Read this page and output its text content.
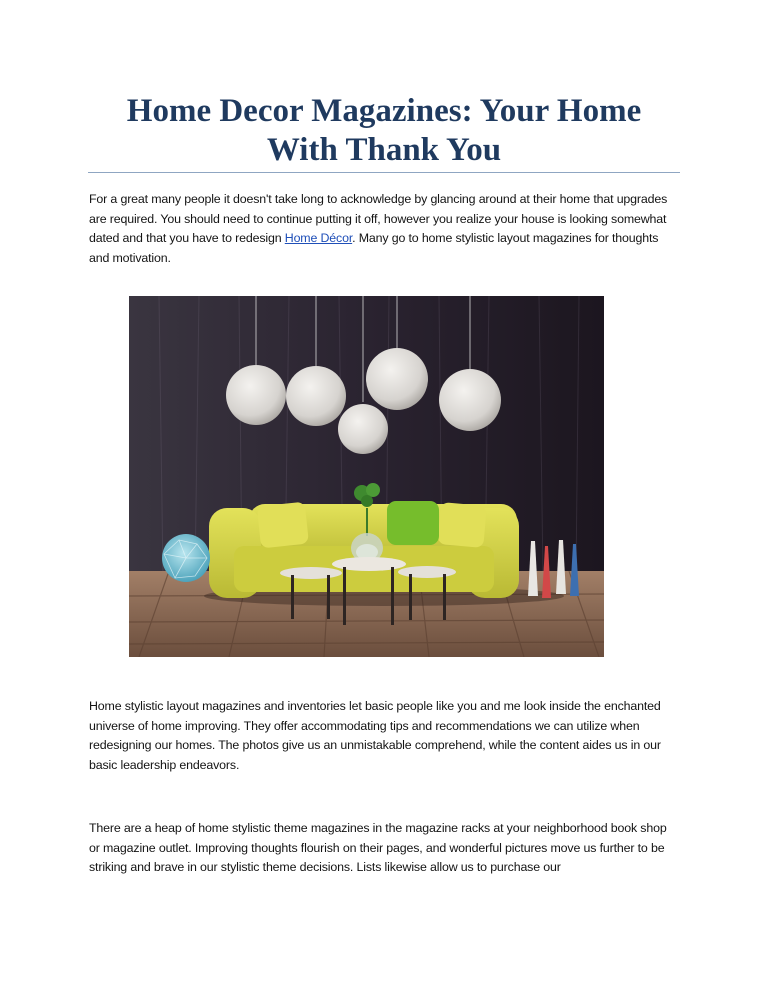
Home Decor Magazines: Your Home
With Thank You

For a great many people it doesn't take long to acknowledge by glancing around at their home that upgrades are required. You should need to continue putting it off, however you realize your house is looking somewhat dated and that you have to redesign Home Décor. Many go to home stylistic layout magazines for thoughts and motivation.

Home stylistic layout magazines and inventories let basic people like you and me look inside the enchanted universe of home improving. They offer accommodating tips and recommendations we can utilize when redesigning our homes. The photos give us an unmistakable comprehend, while the content aides us in our basic leadership endeavors.

There are a heap of home stylistic theme magazines in the magazine racks at your neighborhood book shop or magazine outlet. Improving thoughts flourish on their pages, and wonderful pictures move us further to be striking and brave in our stylistic theme decisions. Lists likewise allow us to purchase our
